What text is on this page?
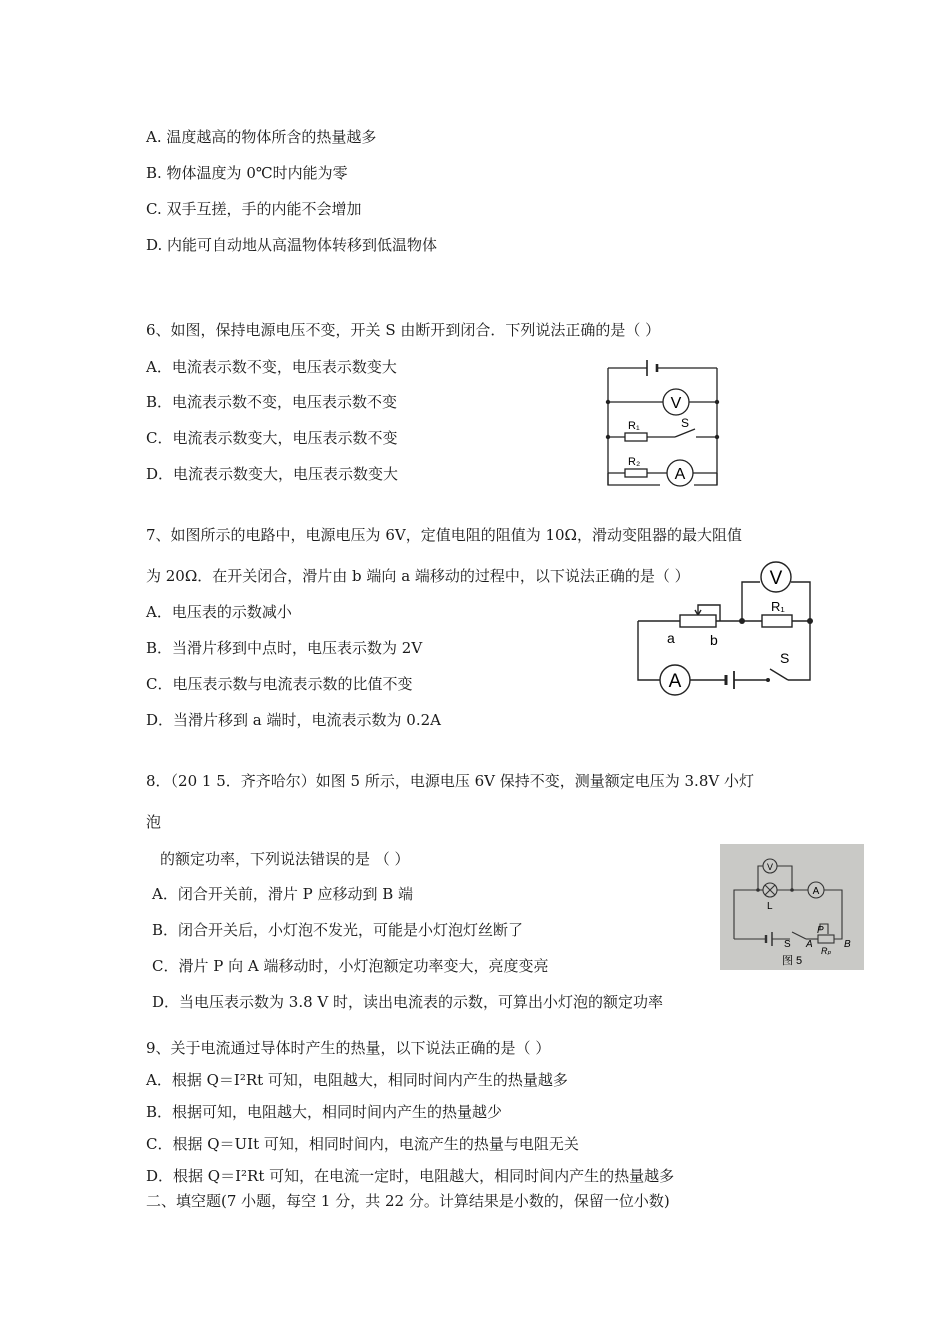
A. 温度越高的物体所含的热量越多
B. 物体温度为 0℃时内能为零
C. 双手互搓，手的内能不会增加
D. 内能可自动地从高温物体转移到低温物体
6、如图，保持电源电压不变，开关 S 由断开到闭合．下列说法正确的是（ ）
A．电流表示数不变，电压表示数变大
B．电流表示数不变，电压表示数不变
C．电流表示数变大，电压表示数不变
D．电流表示数变大，电压表示数变大
V
A
R₁
R₂
S
7、如图所示的电路中，电源电压为 6V，定值电阻的阻值为 10Ω，滑动变阻器的最大阻值
为 20Ω．在开关闭合，滑片由 b 端向 a 端移动的过程中，以下说法正确的是（ ）
A．电压表的示数减小
B．当滑片移到中点时，电压表示数为 2V
C．电压表示数与电流表示数的比值不变
D．当滑片移到 a 端时，电流表示数为 0.2A
V
A
R₁
S
a	b
8．（20 1 5．齐齐哈尔）如图 5 所示，电源电压 6V 保持不变，测量额定电压为 3.8V 小灯
泡
的额定功率，下列说法错误的是 （ ）
A．闭合开关前，滑片 P 应移动到 B 端
B．闭合开关后，小灯泡不发光，可能是小灯泡灯丝断了
C．滑片 P 向 A 端移动时，小灯泡额定功率变大，亮度变亮
D．当电压表示数为 3.8 V 时，读出电流表的示数，可算出小灯泡的额定功率
V
A
L
P
S A	B
Rₚ
图 5
9、关于电流通过导体时产生的热量，以下说法正确的是（ ）
A．根据 Q＝I²Rt 可知，电阻越大，相同时间内产生的热量越多
B．根据可知，电阻越大，相同时间内产生的热量越少
C．根据 Q＝UIt 可知，相同时间内，电流产生的热量与电阻无关
D．根据 Q＝I²Rt 可知，在电流一定时，电阻越大，相同时间内产生的热量越多
二、填空题(7 小题，每空 1 分，共 22 分。计算结果是小数的，保留一位小数)
